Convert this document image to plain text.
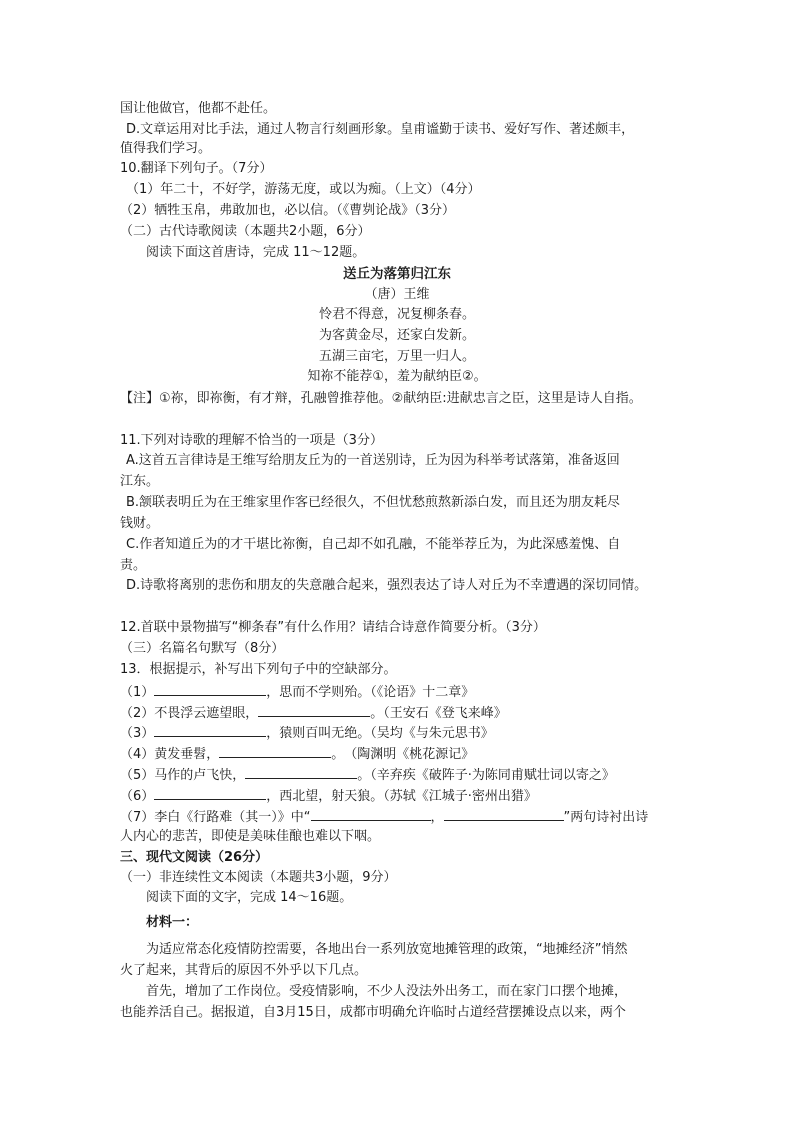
国让他做官，他都不赴任。
D.文章运用对比手法，通过人物言行刻画形象。皇甫谧勤于读书、爱好写作、著述颇丰，
值得我们学习。
10.翻译下列句子。（7分）
（1）年二十，不好学，游荡无度，或以为痴。（上文）（4分）
（2）牺牲玉帛，弗敢加也，必以信。（《曹刿论战》（3分）
（二）古代诗歌阅读（本题共2小题，6分）
阅读下面这首唐诗，完成 11～12题。
送丘为落第归江东
（唐）王维
怜君不得意，况复柳条春。
为客黄金尽，还家白发新。
五湖三亩宅，万里一归人。
知祢不能荐①，羞为献纳臣②。
【注】①祢，即祢衡，有才辩，孔融曾推荐他。②献纳臣:进献忠言之臣，这里是诗人自指。
11.下列对诗歌的理解不恰当的一项是（3分）
A.这首五言律诗是王维写给朋友丘为的一首送别诗，丘为因为科举考试落第，准备返回
江东。
B.颔联表明丘为在王维家里作客已经很久，不但忧愁煎熬新添白发，而且还为朋友耗尽
钱财。
C.作者知道丘为的才干堪比祢衡，自己却不如孔融，不能举荐丘为，为此深感羞愧、自
责。
D.诗歌将离别的悲伤和朋友的失意融合起来，强烈表达了诗人对丘为不幸遭遇的深切同情。
12.首联中景物描写“柳条春”有什么作用？请结合诗意作简要分析。（3分）
（三）名篇名句默写（8分）
13．根据提示，补写出下列句子中的空缺部分。
（1）	，思而不学则殆。（《论语》十二章》
（2）不畏浮云遮望眼，	。（王安石《登飞来峰》
（3）	，猿则百叫无绝。（吴均《与朱元思书》
（4）黄发垂髫，	。　（陶渊明《桃花源记》
（5）马作的卢飞快，	。（辛弃疾《破阵子·为陈同甫赋壮词以寄之》
（6）	，西北望，射天狼。（苏轼《江城子·密州出猎》
（7）李白《行路难（其一）》中“	，	”两句诗衬出诗
人内心的悲苦，即使是美味佳酿也难以下咽。
三、现代文阅读（26分）
（一）非连续性文本阅读（本题共3小题，9分）
阅读下面的文字，完成 14～16题。
材料一：
为适应常态化疫情防控需要，各地出台一系列放宽地摊管理的政策，“地摊经济”悄然
火了起来，其背后的原因不外乎以下几点。
首先，增加了工作岗位。受疫情影响，不少人没法外出务工，而在家门口摆个地摊，
也能养活自己。据报道，自3月15日，成都市明确允许临时占道经营摆摊设点以来，两个
